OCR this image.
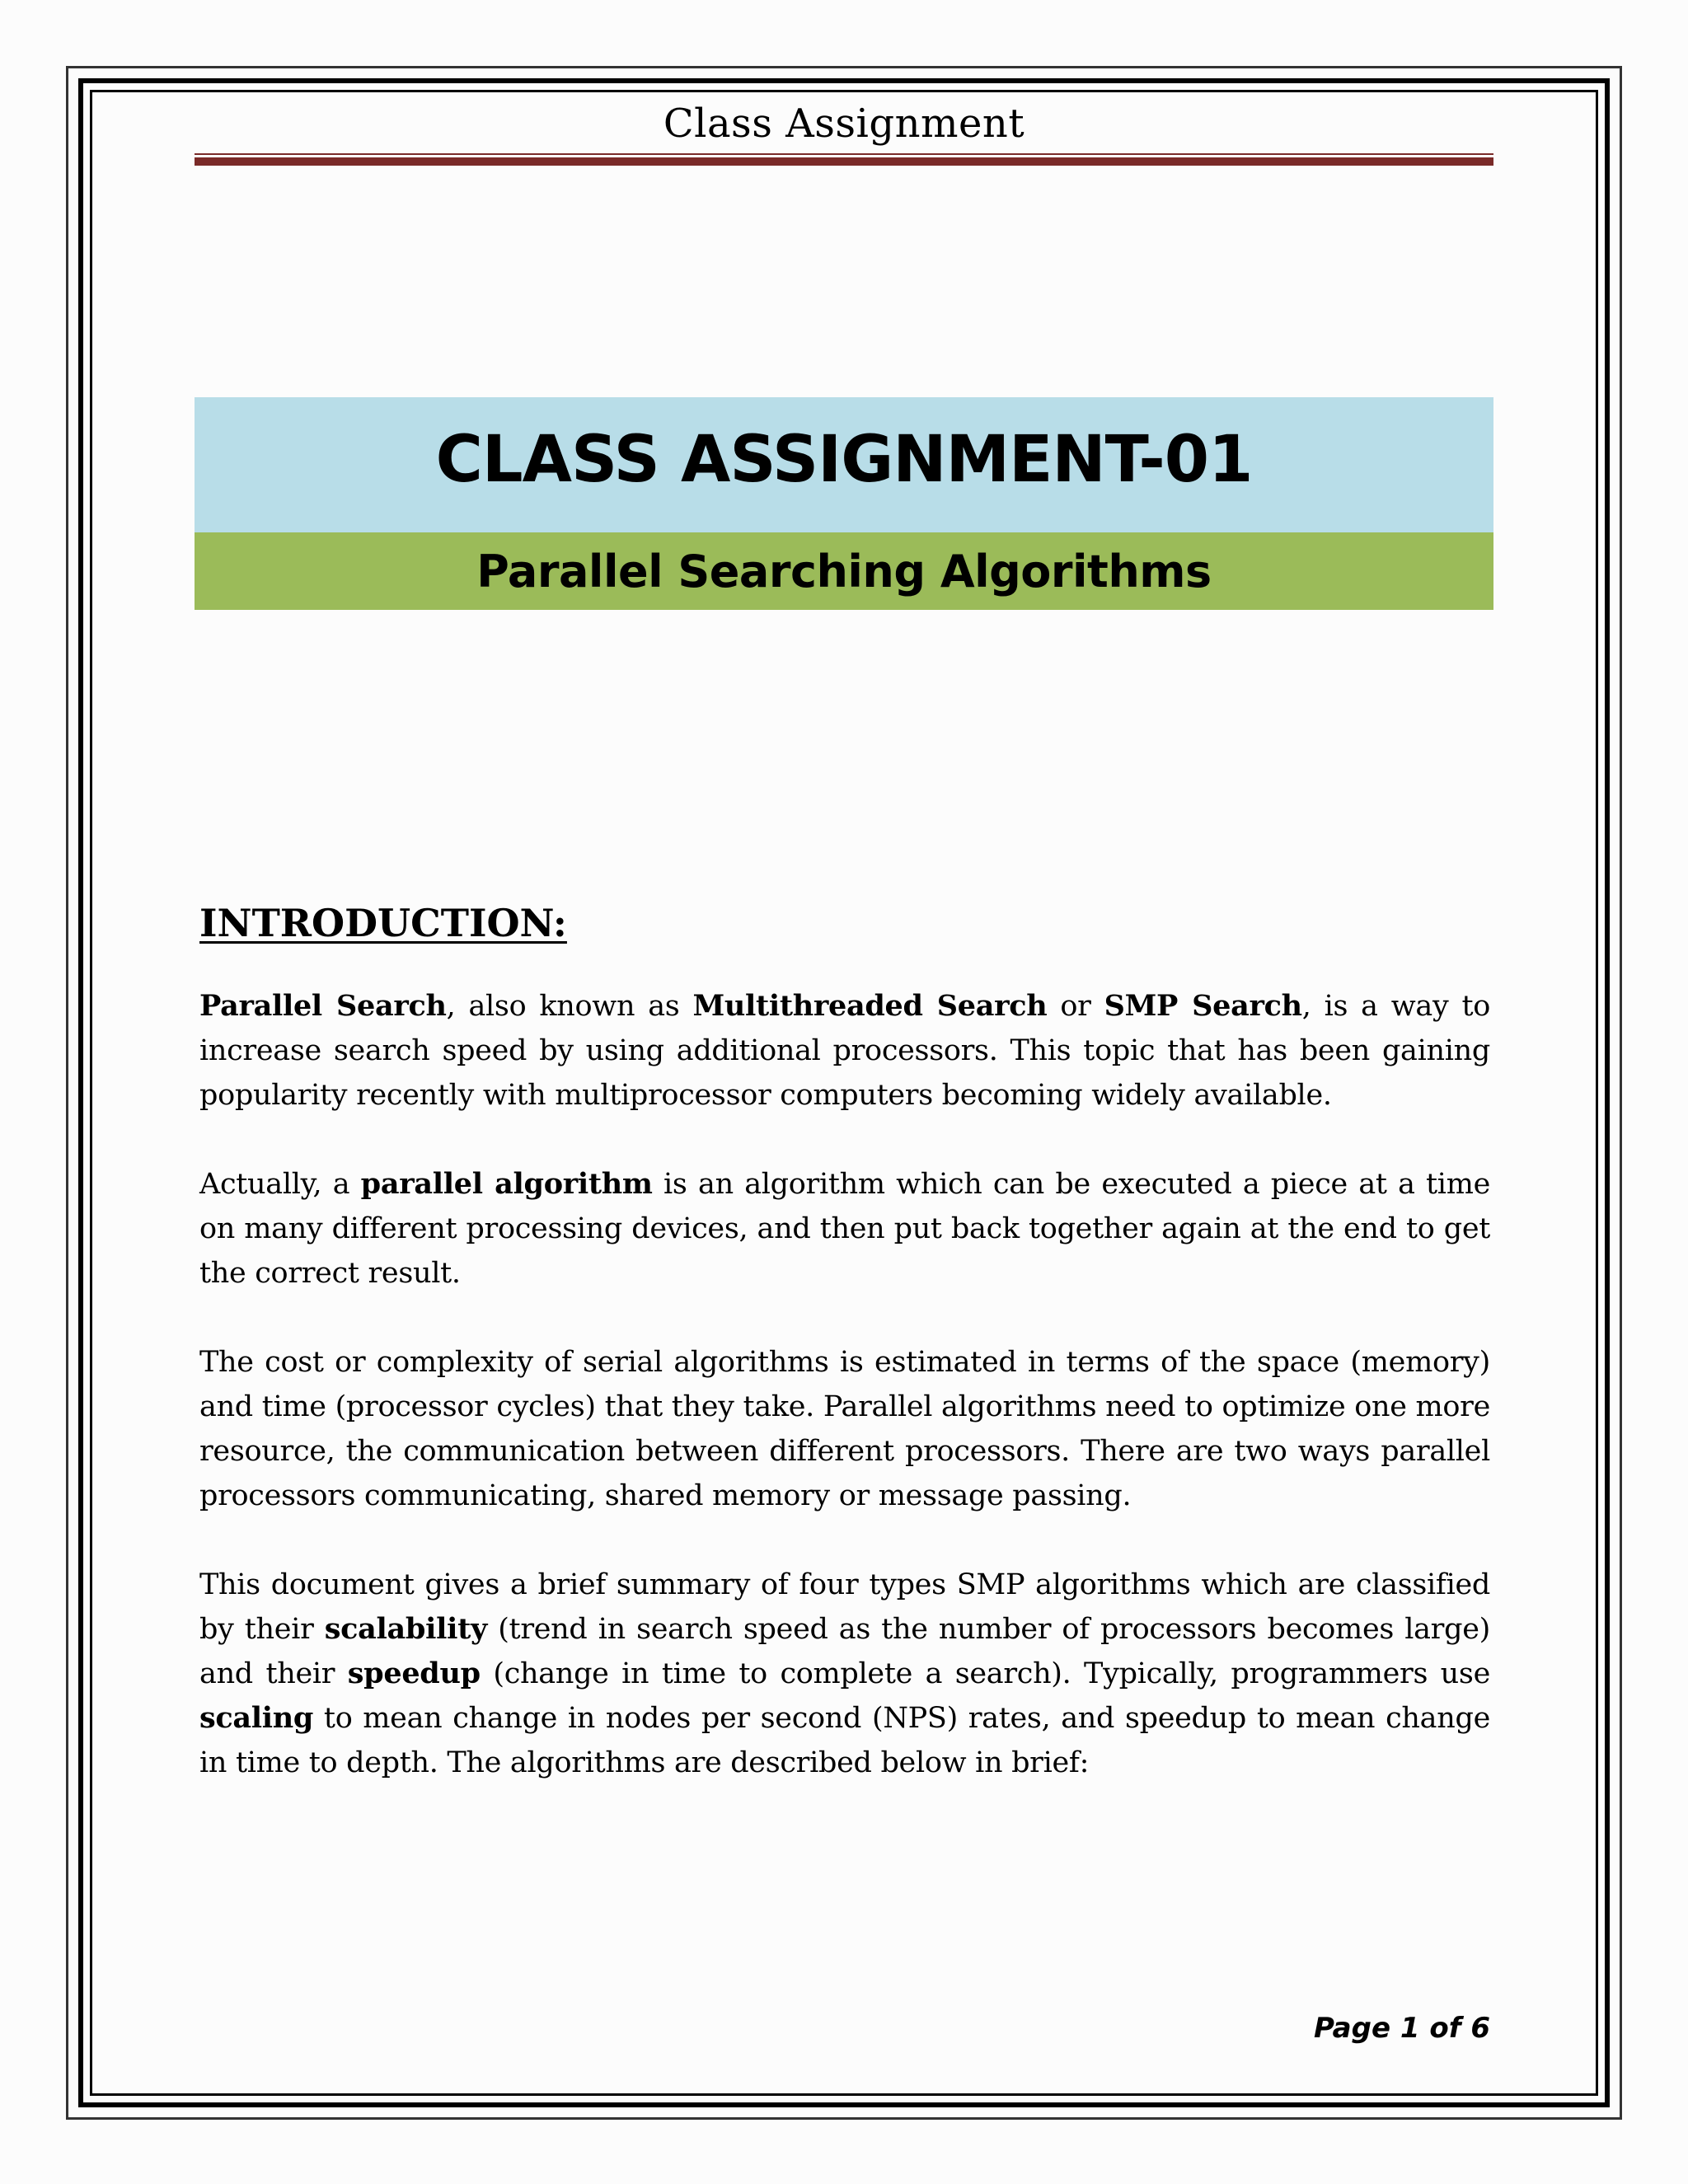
Class Assignment
CLASS ASSIGNMENT-01
Parallel Searching Algorithms
INTRODUCTION:

Parallel Search, also known as Multithreaded Search or SMP Search, is a way to increase search speed by using additional processors. This topic that has been gaining popularity recently with multiprocessor computers becoming widely available.

Actually, a parallel algorithm is an algorithm which can be executed a piece at a time on many different processing devices, and then put back together again at the end to get the correct result.

The cost or complexity of serial algorithms is estimated in terms of the space (memory) and time (processor cycles) that they take. Parallel algorithms need to optimize one more resource, the communication between different processors. There are two ways parallel processors communicating, shared memory or message passing.

This document gives a brief summary of four types SMP algorithms which are classified by their scalability (trend in search speed as the number of processors becomes large) and their speedup (change in time to complete a search). Typically, programmers use scaling to mean change in nodes per second (NPS) rates, and speedup to mean change in time to depth. The algorithms are described below in brief:

Page 1 of 6
